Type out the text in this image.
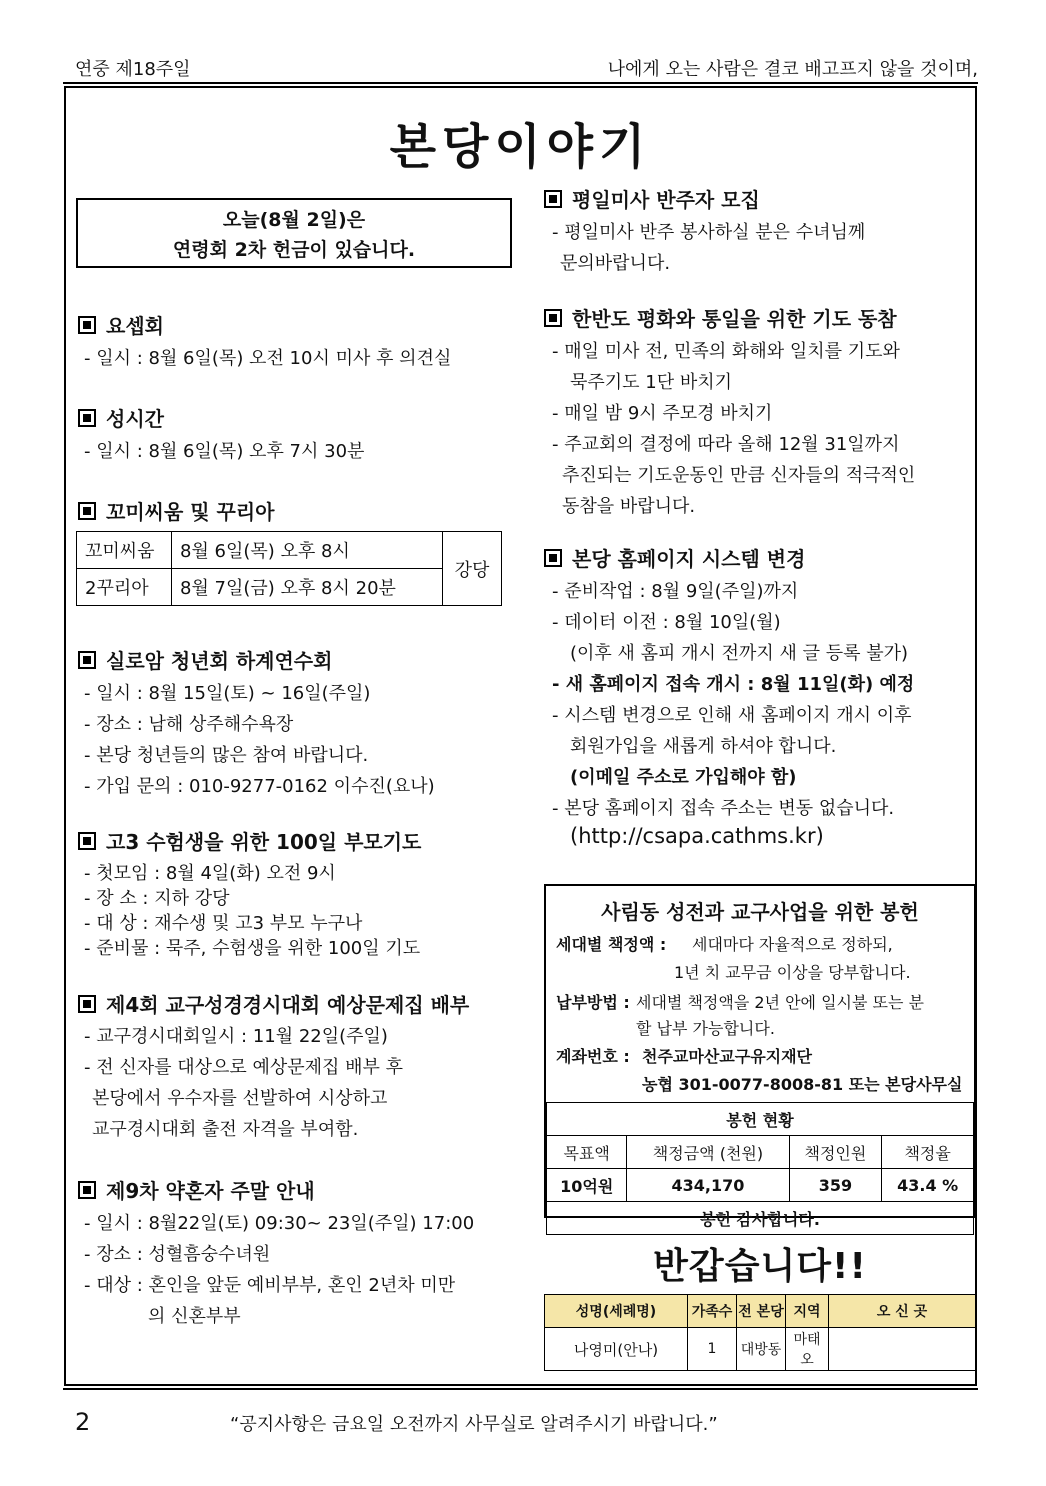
연중 제18주일	나에게 오는 사람은 결코 배고프지 않을 것이며,
본당이야기
오늘(8월 2일)은
연령회 2차 헌금이 있습니다.
요셉회
- 일시 : 8월 6일(목) 오전 10시 미사 후 의견실
성시간
- 일시 : 8월 6일(목) 오후 7시 30분
꼬미씨움 및 꾸리아
꼬미씨움	8월 6일(목) 오후 8시	강당
2꾸리아	8월 7일(금) 오후 8시 20분	
실로암 청년회 하계연수회
- 일시 : 8월 15일(토) ~ 16일(주일)
- 장소 : 남해 상주해수욕장
- 본당 청년들의 많은 참여 바랍니다.
- 가입 문의 : 010-9277-0162 이수진(요나)
고3 수험생을 위한 100일 부모기도
- 첫모임 : 8월 4일(화) 오전 9시
- 장 소 : 지하 강당
- 대 상 : 재수생 및 고3 부모 누구나
- 준비물 : 묵주, 수험생을 위한 100일 기도
제4회 교구성경경시대회 예상문제집 배부
- 교구경시대회일시 : 11월 22일(주일)
- 전 신자를 대상으로 예상문제집 배부 후
본당에서 우수자를 선발하여 시상하고
교구경시대회 출전 자격을 부여함.
제9차 약혼자 주말 안내
- 일시 : 8월22일(토) 09:30~ 23일(주일) 17:00
- 장소 : 성혈흠숭수녀원
- 대상 : 혼인을 앞둔 예비부부, 혼인 2년차 미만
의 신혼부부
평일미사 반주자 모집
- 평일미사 반주 봉사하실 분은 수녀님께
문의바랍니다.
한반도 평화와 통일을 위한 기도 동참
- 매일 미사 전, 민족의 화해와 일치를 기도와
묵주기도 1단 바치기
- 매일 밤 9시 주모경 바치기
- 주교회의 결정에 따라 올해 12월 31일까지
추진되는 기도운동인 만큼 신자들의 적극적인
동참을 바랍니다.
본당 홈페이지 시스템 변경
- 준비작업 : 8월 9일(주일)까지
- 데이터 이전 : 8월 10일(월)
(이후 새 홈피 개시 전까지 새 글 등록 불가)
- 새 홈페이지 접속 개시 : 8월 11일(화) 예정
- 시스템 변경으로 인해 새 홈페이지 개시 이후
회원가입을 새롭게 하셔야 합니다.
(이메일 주소로 가입해야 함)
- 본당 홈페이지 접속 주소는 변동 없습니다.
(http://csapa.cathms.kr)
사림동 성전과 교구사업을 위한 봉헌
세대별 책정액 : 세대마다 자율적으로 정하되,
1년 치 교무금 이상을 당부합니다.
납부방법 : 세대별 책정액을 2년 안에 일시불 또는 분
할 납부 가능합니다.
계좌번호 : 천주교마산교구유지재단
농협 301-0077-8008-81 또는 본당사무실
봉헌 현황			
목표액	책정금액 (천원)	책정인원	책정율
10억원	434,170	359	43.4 %
봉헌 감사합니다.			
반갑습니다!!
성명(세례명)	가족수	전 본당	지역	오 신 곳
나영미(안나)	1	대방동	마태오	
2	“공지사항은 금요일 오전까지 사무실로 알려주시기 바랍니다.”
